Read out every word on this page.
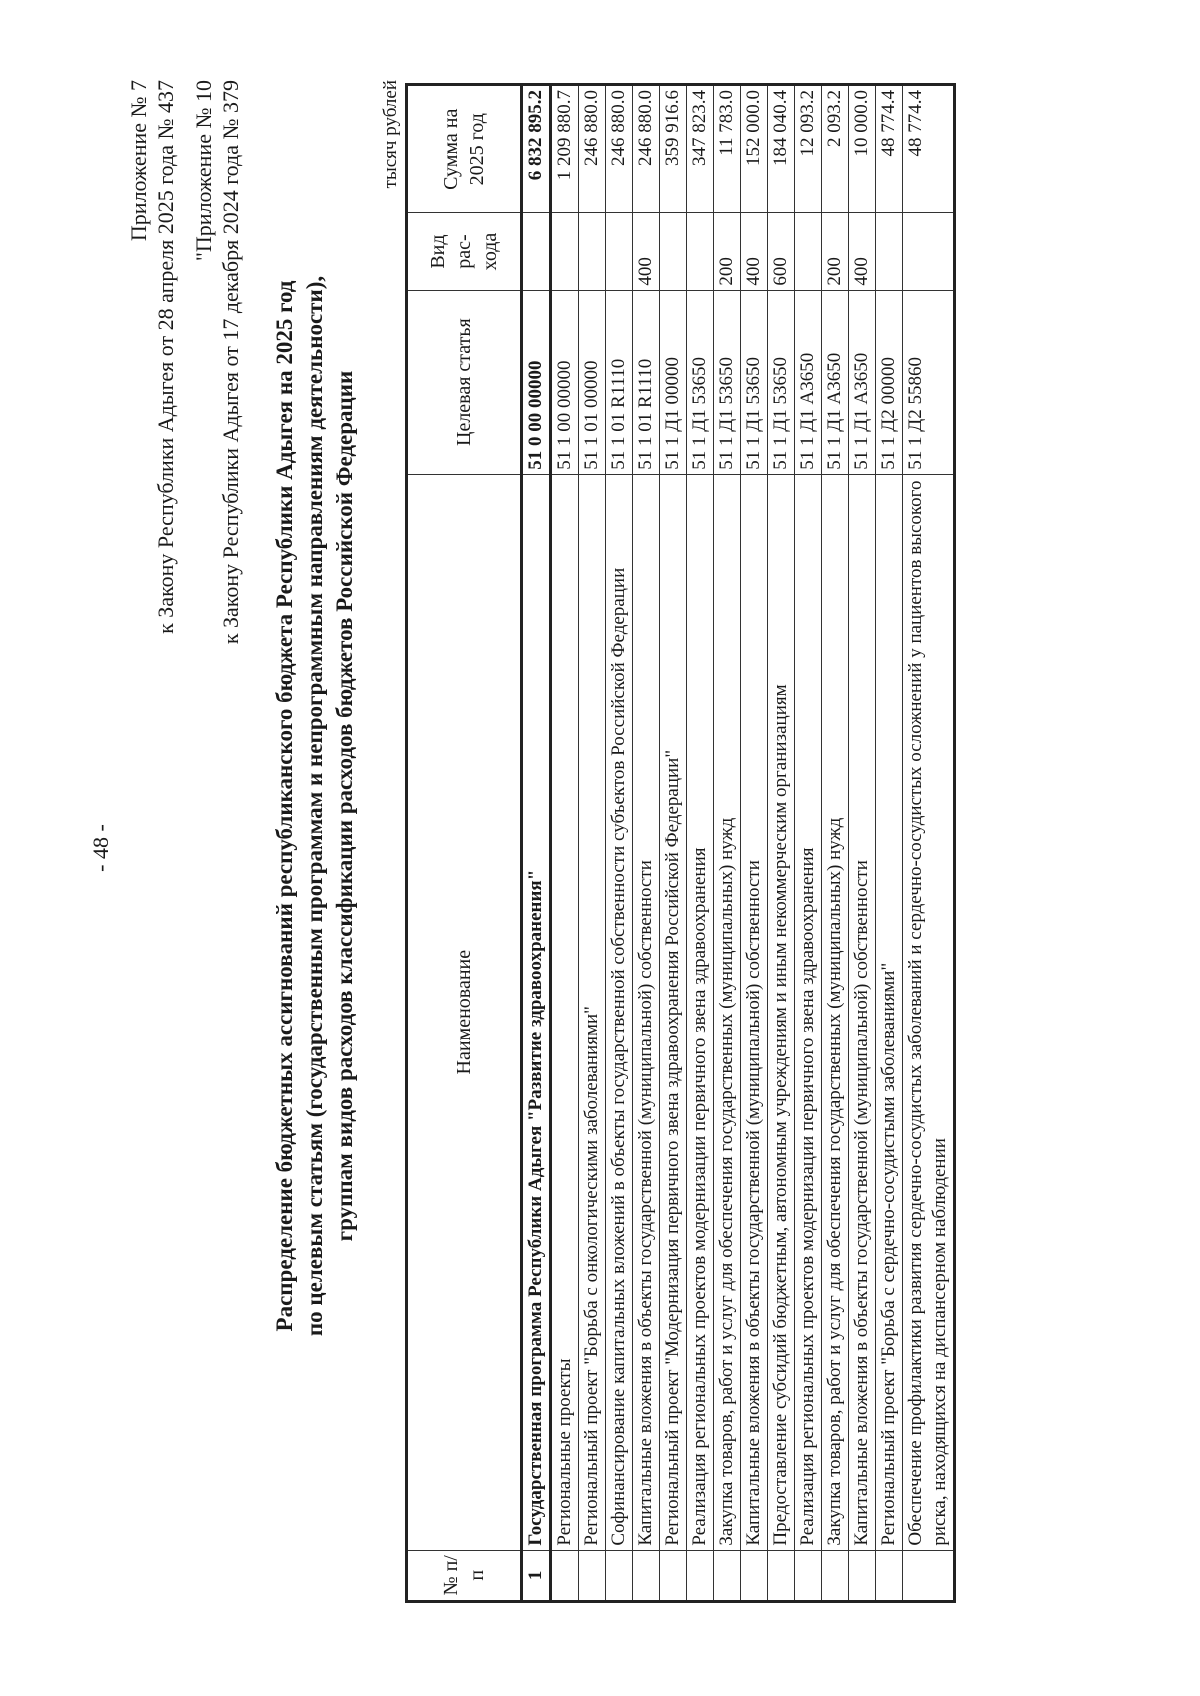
- 48 -
Приложение № 7 к Закону Республики Адыгея от 28 апреля 2025 года № 437 "Приложение № 10 к Закону Республики Адыгея от 17 декабря 2024 года № 379 Распределение бюджетных ассигнований республиканского бюджета Республики Адыгея на 2025 год по целевым статьям (государственным программам и непрограммным направлениям деятельности), группам видов расходов классификации расходов бюджетов Российской Федерации
тысяч рублей
№ п/п	Наименование	Целевая статья	Вид рас- хода	Сумма на 2025 год
1	Государственная программа Республики Адыгея "Развитие здравоохранения"	51 0 00 00000		6 832 895.2
	Региональные проекты	51 1 00 00000		1 209 880.7
	Региональный проект "Борьба с онкологическими заболеваниями"	51 1 01 00000		246 880.0
	Софинансирование капитальных вложений в объекты государственной собственности субъектов Российской Федерации	51 1 01 R1110		246 880.0
	Капитальные вложения в объекты государственной (муниципальной) собственности	51 1 01 R1110	400	246 880.0
	Региональный проект "Модернизация первичного звена здравоохранения Российской Федерации"	51 1 Д1 00000		359 916.6
	Реализация региональных проектов модернизации первичного звена здравоохранения	51 1 Д1 53650		347 823.4
	Закупка товаров, работ и услуг для обеспечения государственных (муниципальных) нужд	51 1 Д1 53650	200	11 783.0
	Капитальные вложения в объекты государственной (муниципальной) собственности	51 1 Д1 53650	400	152 000.0
	Предоставление субсидий бюджетным, автономным учреждениям и иным некоммерческим организациям	51 1 Д1 53650	600	184 040.4
	Реализация региональных проектов модернизации первичного звена здравоохранения	51 1 Д1 А3650		12 093.2
	Закупка товаров, работ и услуг для обеспечения государственных (муниципальных) нужд	51 1 Д1 А3650	200	2 093.2
	Капитальные вложения в объекты государственной (муниципальной) собственности	51 1 Д1 А3650	400	10 000.0
	Региональный проект "Борьба с сердечно-сосудистыми заболеваниями"	51 1 Д2 00000		48 774.4
	Обеспечение профилактики развития сердечно-сосудистых заболеваний и сердечно-сосудистых осложнений у пациентов высокого риска, находящихся на диспансерном наблюдении	51 1 Д2 55860		48 774.4
